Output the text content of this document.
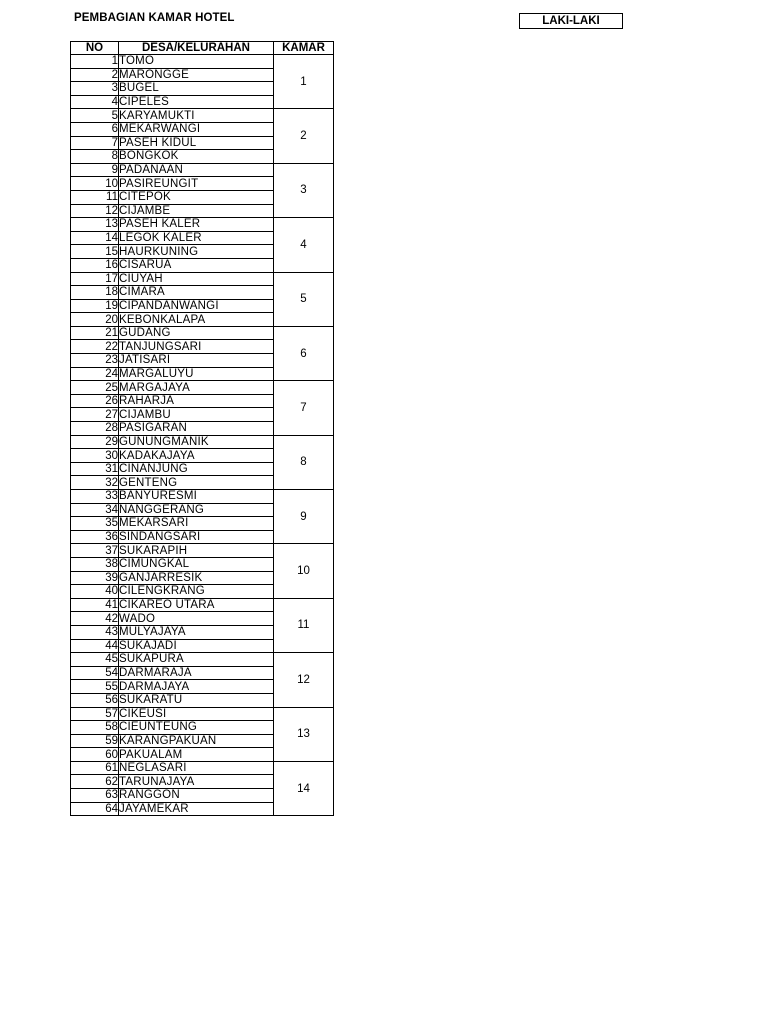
PEMBAGIAN KAMAR HOTEL	LAKI-LAKI
NO	DESA/KELURAHAN	KAMAR
1	TOMO	1
2	MARONGGE	
3	BUGEL	
4	CIPELES	
5	KARYAMUKTI	2
6	MEKARWANGI	
7	PASEH KIDUL	
8	BONGKOK	
9	PADANAAN	3
10	PASIREUNGIT	
11	CITEPOK	
12	CIJAMBE	
13	PASEH KALER	4
14	LEGOK KALER	
15	HAURKUNING	
16	CISARUA	
17	CIUYAH	5
18	CIMARA	
19	CIPANDANWANGI	
20	KEBONKALAPA	
21	GUDANG	6
22	TANJUNGSARI	
23	JATISARI	
24	MARGALUYU	
25	MARGAJAYA	7
26	RAHARJA	
27	CIJAMBU	
28	PASIGARAN	
29	GUNUNGMANIK	8
30	KADAKAJAYA	
31	CINANJUNG	
32	GENTENG	
33	BANYURESMI	9
34	NANGGERANG	
35	MEKARSARI	
36	SINDANGSARI	
37	SUKARAPIH	10
38	CIMUNGKAL	
39	GANJARRESIK	
40	CILENGKRANG	
41	CIKAREO UTARA	11
42	WADO	
43	MULYAJAYA	
44	SUKAJADI	
45	SUKAPURA	12
54	DARMARAJA	
55	DARMAJAYA	
56	SUKARATU	
57	CIKEUSI	13
58	CIEUNTEUNG	
59	KARANGPAKUAN	
60	PAKUALAM	
61	NEGLASARI	14
62	TARUNAJAYA	
63	RANGGON	
64	JAYAMEKAR	
